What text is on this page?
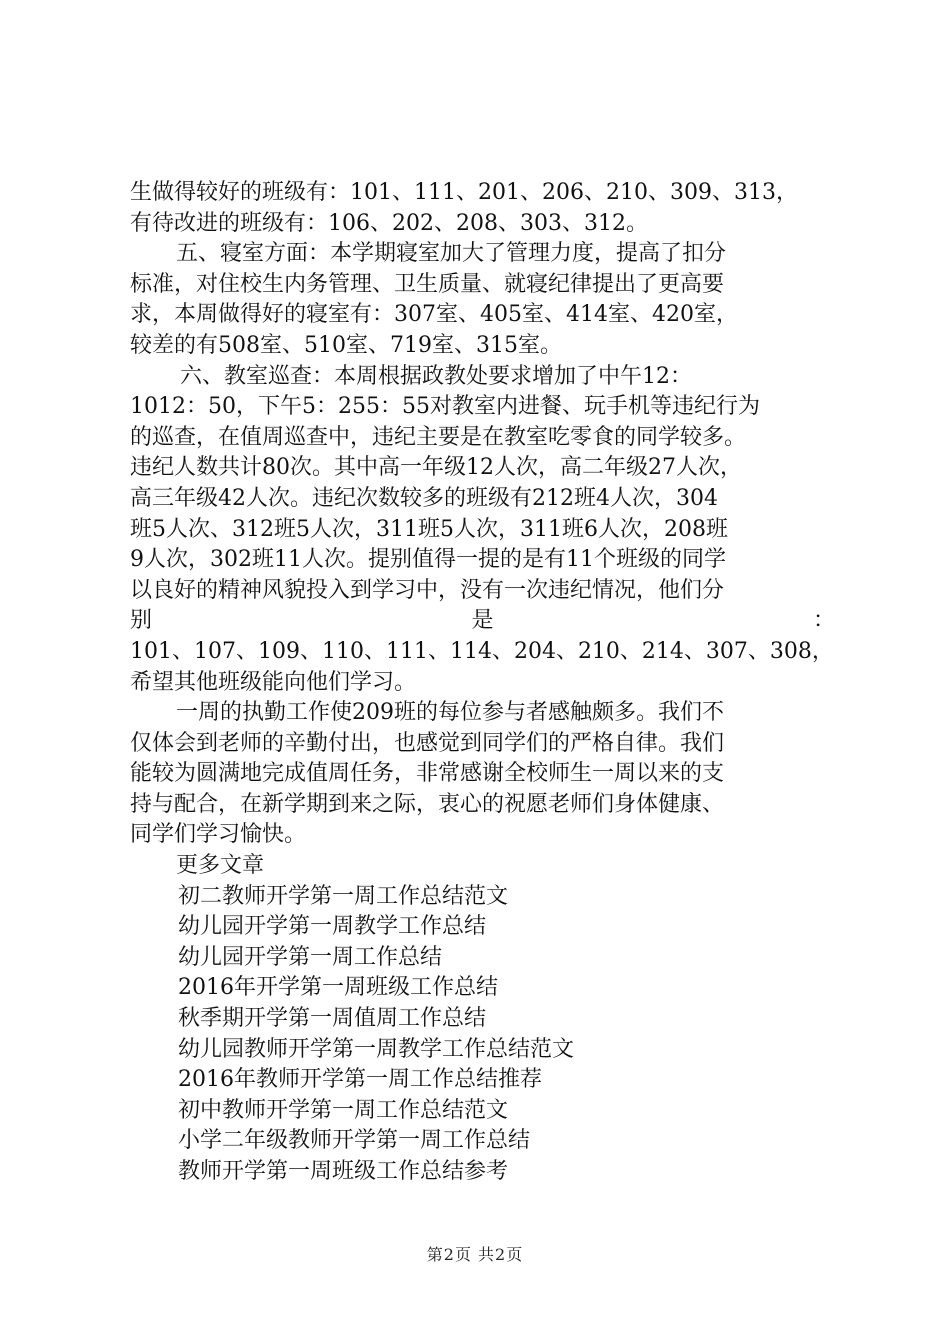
生做得较好的班级有：101、111、201、206、210、309、313，
有待改进的班级有：106、202、208、303、312。
五、寝室方面：本学期寝室加大了管理力度，提高了扣分
标准，对住校生内务管理、卫生质量、就寝纪律提出了更高要
求，本周做得好的寝室有：307室、405室、414室、420室，
较差的有508室、510室、719室、315室。
六、教室巡查：本周根据政教处要求增加了中午12：
1012：50，下午5：255：55对教室内进餐、玩手机等违纪行为
的巡查，在值周巡查中，违纪主要是在教室吃零食的同学较多。
违纪人数共计80次。其中高一年级12人次，高二年级27人次，
高三年级42人次。违纪次数较多的班级有212班4人次，304
班5人次、312班5人次，311班5人次，311班6人次，208班
9人次，302班11人次。提别值得一提的是有11个班级的同学
以良好的精神风貌投入到学习中，没有一次违纪情况，他们分
别	是	：
101、107、109、110、111、114、204、210、214、307、308，
希望其他班级能向他们学习。
一周的执勤工作使209班的每位参与者感触颇多。我们不
仅体会到老师的辛勤付出，也感觉到同学们的严格自律。我们
能较为圆满地完成值周任务，非常感谢全校师生一周以来的支
持与配合，在新学期到来之际，衷心的祝愿老师们身体健康、
同学们学习愉快。
更多文章
初二教师开学第一周工作总结范文
幼儿园开学第一周教学工作总结
幼儿园开学第一周工作总结
2016年开学第一周班级工作总结
秋季期开学第一周值周工作总结
幼儿园教师开学第一周教学工作总结范文
2016年教师开学第一周工作总结推荐
初中教师开学第一周工作总结范文
小学二年级教师开学第一周工作总结
教师开学第一周班级工作总结参考
第2页 共2页
